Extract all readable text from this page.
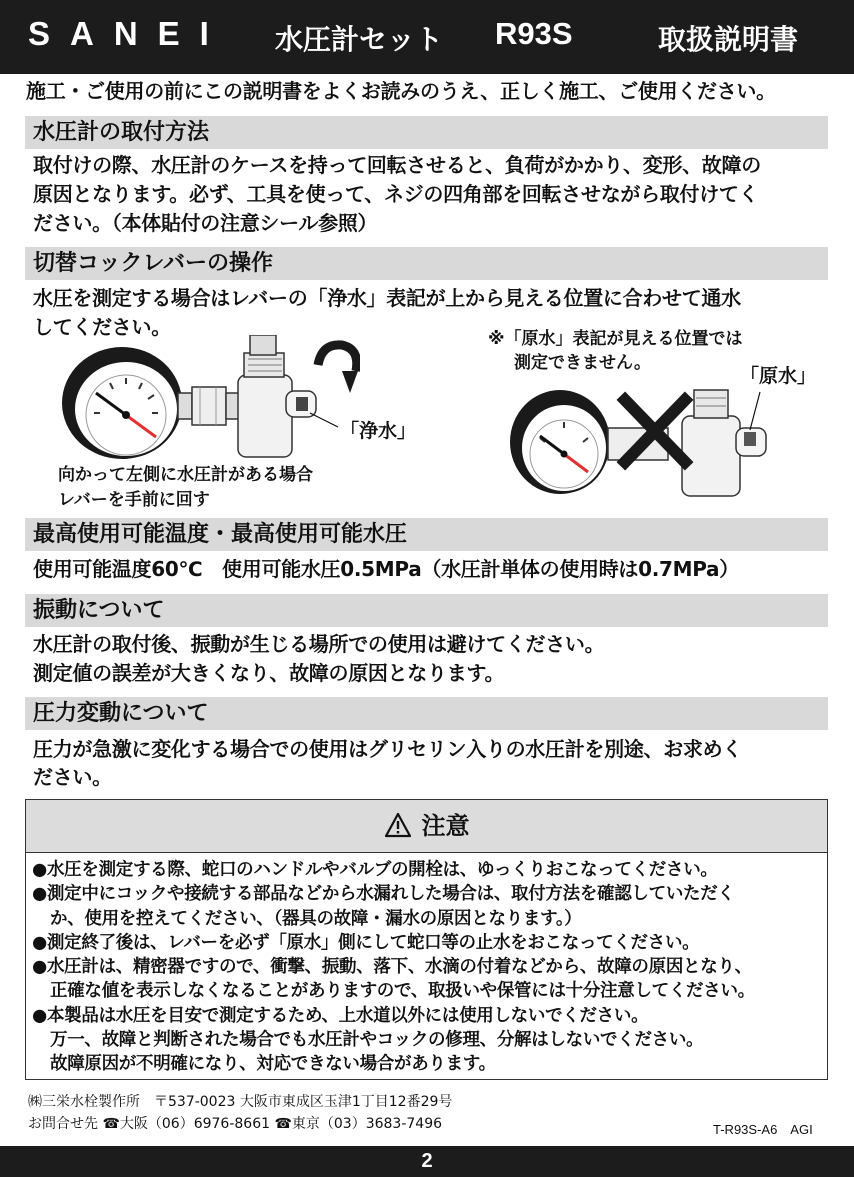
SANEI 水圧計セット R93S	取扱説明書
施工・ご使用の前にこの説明書をよくお読みのうえ、正しく施工、ご使用ください。
水圧計の取付方法
取付けの際、水圧計のケースを持って回転させると、負荷がかかり、変形、故障の
原因となります。必ず、工具を使って、ネジの四角部を回転させながら取付けてく
ださい。（本体貼付の注意シール参照）
切替コックレバーの操作
水圧を測定する場合はレバーの「浄水」表記が上から見える位置に合わせて通水
してください。
「浄水」
向かって左側に水圧計がある場合
レバーを手前に回す
※「原水」表記が見える位置では
測定できません。
「原水」
最高使用可能温度・最高使用可能水圧
使用可能温度60℃　使用可能水圧0.5MPa（水圧計単体の使用時は0.7MPa）
振動について
水圧計の取付後、振動が生じる場所での使用は避けてください。
測定値の誤差が大きくなり、故障の原因となります。
圧力変動について
圧力が急激に変化する場合での使用はグリセリン入りの水圧計を別途、お求めく
ださい。
注意
●水圧を測定する際、蛇口のハンドルやバルブの開栓は、ゆっくりおこなってください。
●測定中にコックや接続する部品などから水漏れした場合は、取付方法を確認していただく
か、使用を控えてください、（器具の故障・漏水の原因となります。）
●測定終了後は、レバーを必ず「原水」側にして蛇口等の止水をおこなってください。
●水圧計は、精密器ですので、衝撃、振動、落下、水滴の付着などから、故障の原因となり、
正確な値を表示しなくなることがありますので、取扱いや保管には十分注意してください。
●本製品は水圧を目安で測定するため、上水道以外には使用しないでください。
万一、故障と判断された場合でも水圧計やコックの修理、分解はしないでください。
故障原因が不明確になり、対応できない場合があります。
㈱三栄水栓製作所　〒537-0023 大阪市東成区玉津1丁目12番29号
お問合せ先 ☎大阪（06）6976-8661 ☎東京（03）3683-7496	T-R93S-A6　AGI
2
